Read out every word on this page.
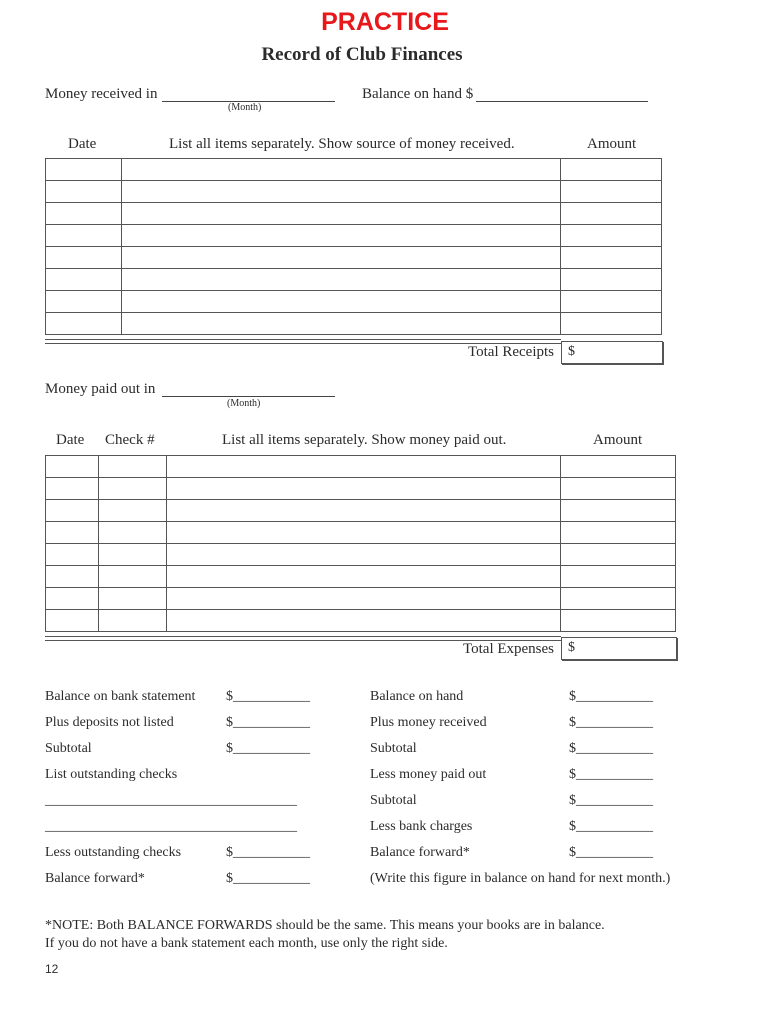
PRACTICE
Record of Club Finances
Money received in
(Month)
Balance on hand $
Date	List all items separately. Show source of money received.	Amount

Total Receipts $
Money paid out in
(Month)
Date Check #	List all items separately. Show money paid out.	Amount

Total Expenses $
Balance on bank statement $___________	Balance on hand	$___________
Plus deposits not listed	$___________	Plus money received	$___________
Subtotal	$___________	Subtotal	$___________
List outstanding checks	Less money paid out	$___________
____________________________________	Subtotal	$___________
____________________________________	Less bank charges	$___________
Less outstanding checks	$___________	Balance forward*	$___________
Balance forward*	$___________	(Write this figure in balance on hand for next month.)
*NOTE: Both BALANCE FORWARDS should be the same. This means your books are in balance.
If you do not have a bank statement each month, use only the right side.
12
